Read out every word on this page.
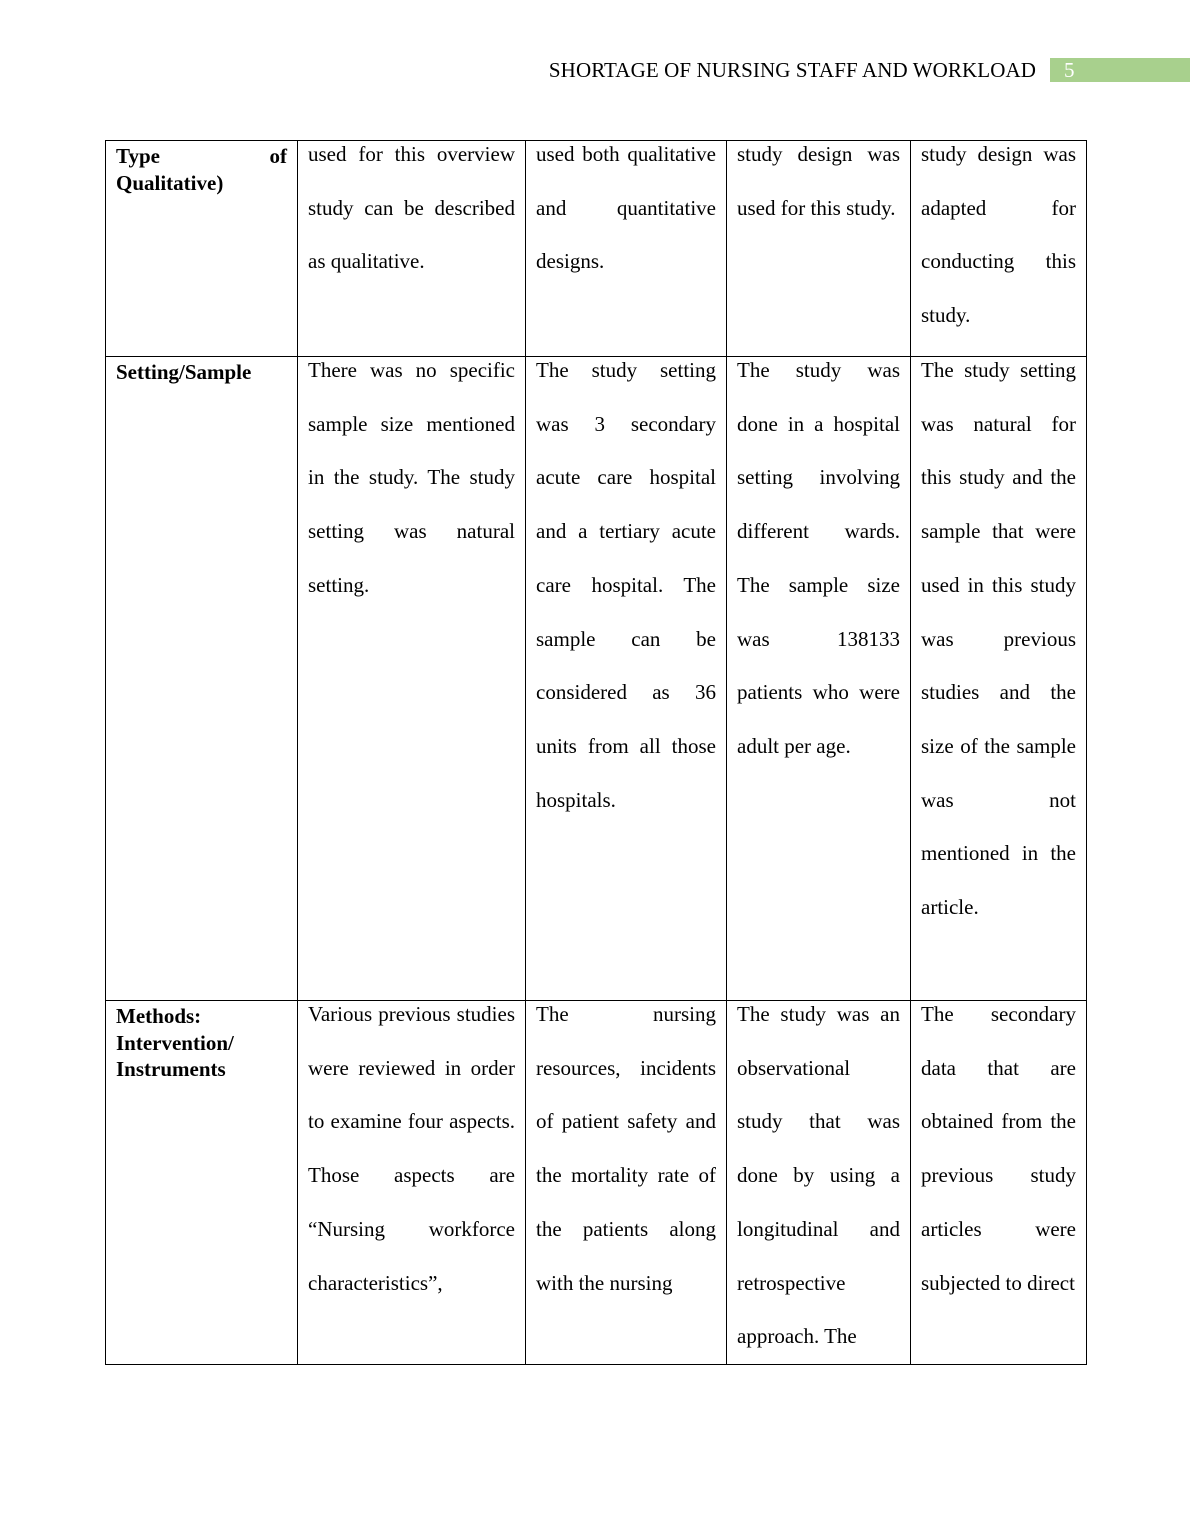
SHORTAGE OF NURSING STAFF AND WORKLOAD	5
Type of Qualitative)	used for this overview study can be described as qualitative.	used both qualitative and quantitative designs.	study design was used for this study.	study design was adapted for conducting this study.

Setting/Sample	There was no specific sample size mentioned in the study. The study setting was natural setting.	The study setting was 3 secondary acute care hospital and a tertiary acute care hospital. The sample can be considered as 36 units from all those hospitals.	The study was done in a hospital setting involving different wards. The sample size was 138133 patients who were adult per age.	The study setting was natural for this study and the sample that were used in this study was previous studies and the size of the sample was not mentioned in the article.

Methods: Intervention/ Instruments	Various previous studies were reviewed in order to examine four aspects. Those aspects are “Nursing workforce characteristics”,	The nursing resources, incidents of patient safety and the mortality rate of the patients along with the nursing	The study was an observational study that was done by using a longitudinal and retrospective approach. The	The secondary data that are obtained from the previous study articles were subjected to direct
